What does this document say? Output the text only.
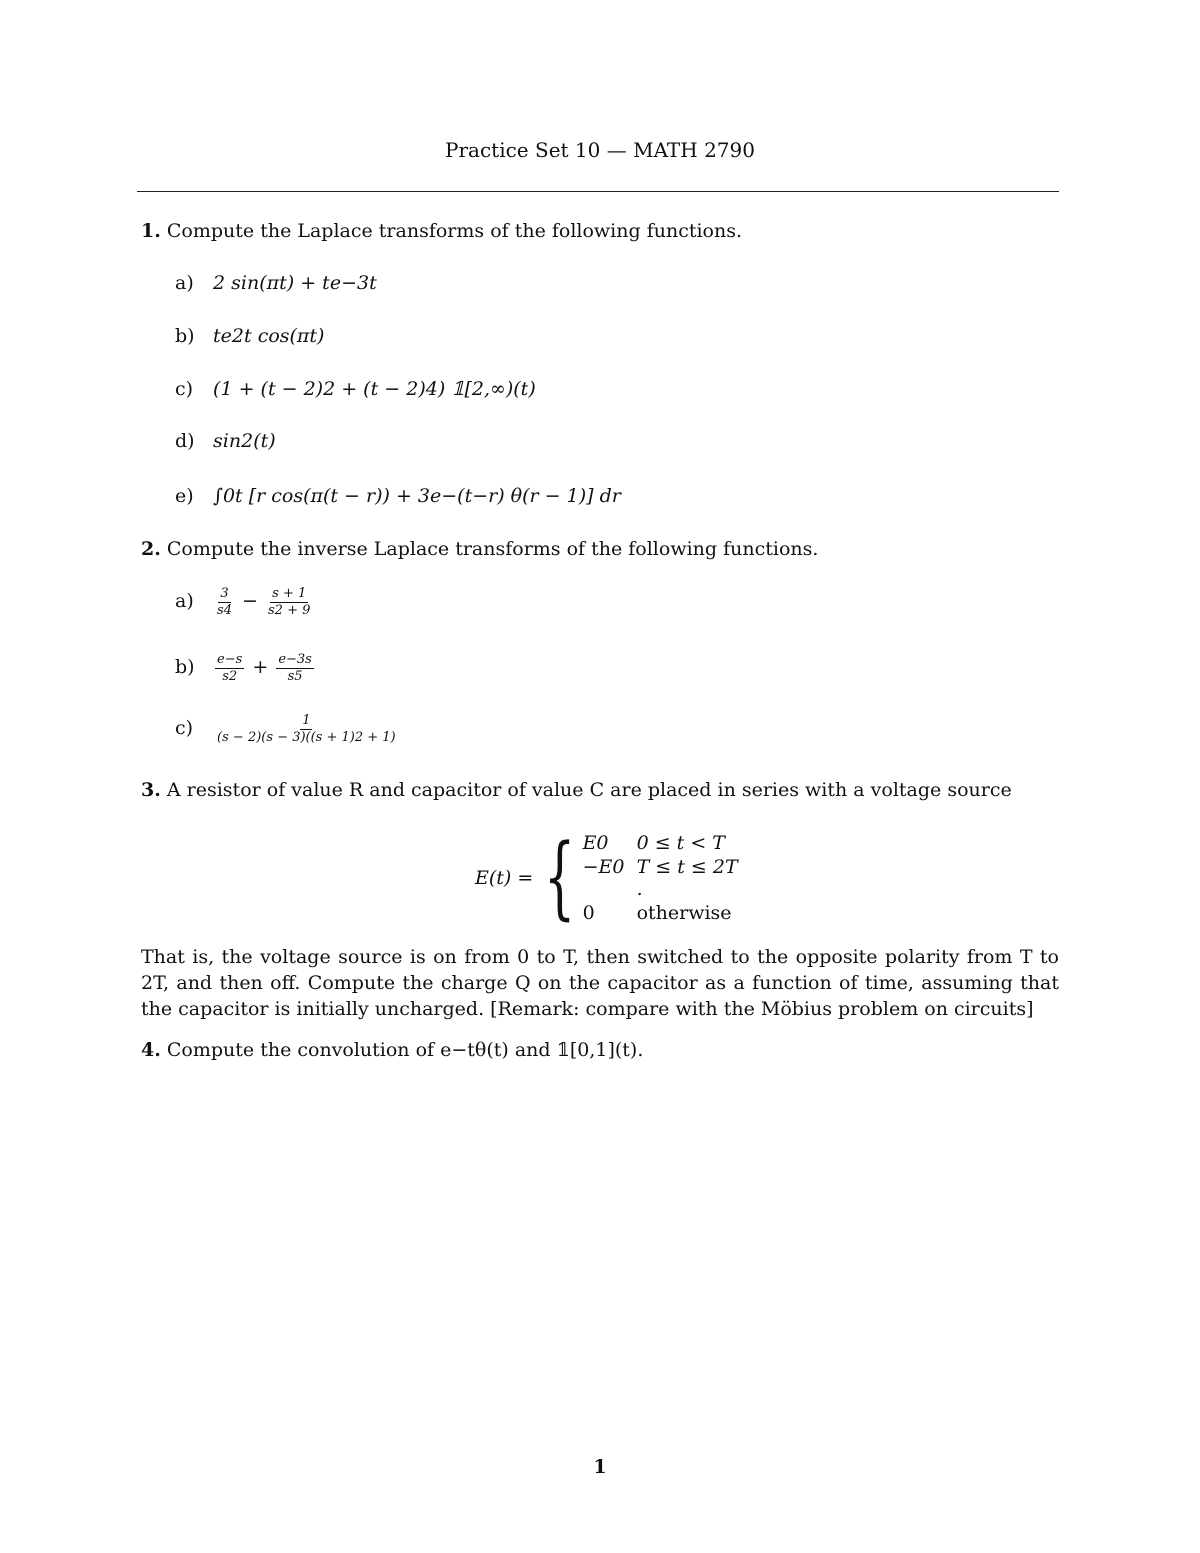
Practice Set 10 — MATH 2790
1. Compute the Laplace transforms of the following functions.
a) 2 sin(πt) + te−3t
b) te2t cos(πt)
c) (1 + (t − 2)2 + (t − 2)4) 𝟙[2,∞)(t)
d) sin2(t)
e) ∫0t [r cos(π(t − r)) + 3e−(t−r) θ(r − 1)] dr
2. Compute the inverse Laplace transforms of the following functions.
$a) \frac{3}{s4} - \frac{s + 1}{s2 + 9}$
$b) \frac{e-s}{s2} + \frac{e-3s}{s5}$
$c) \frac{1}{(s - 2)(s - 3)((s + 1)2 + 1)}$
3. A resistor of value R and capacitor of value C are placed in series with a voltage source
E(t) = { E0	0 ≤ t < T
−E0 T ≤ t ≤ 2T .
0	otherwise
That is, the voltage source is on from 0 to T, then switched to the opposite polarity from T to 2T, and then off. Compute the charge Q on the capacitor as a function of time, assuming that the capacitor is initially uncharged. [Remark: compare with the Möbius problem on circuits]
4. Compute the convolution of e−tθ(t) and 𝟙[0,1](t).
1
